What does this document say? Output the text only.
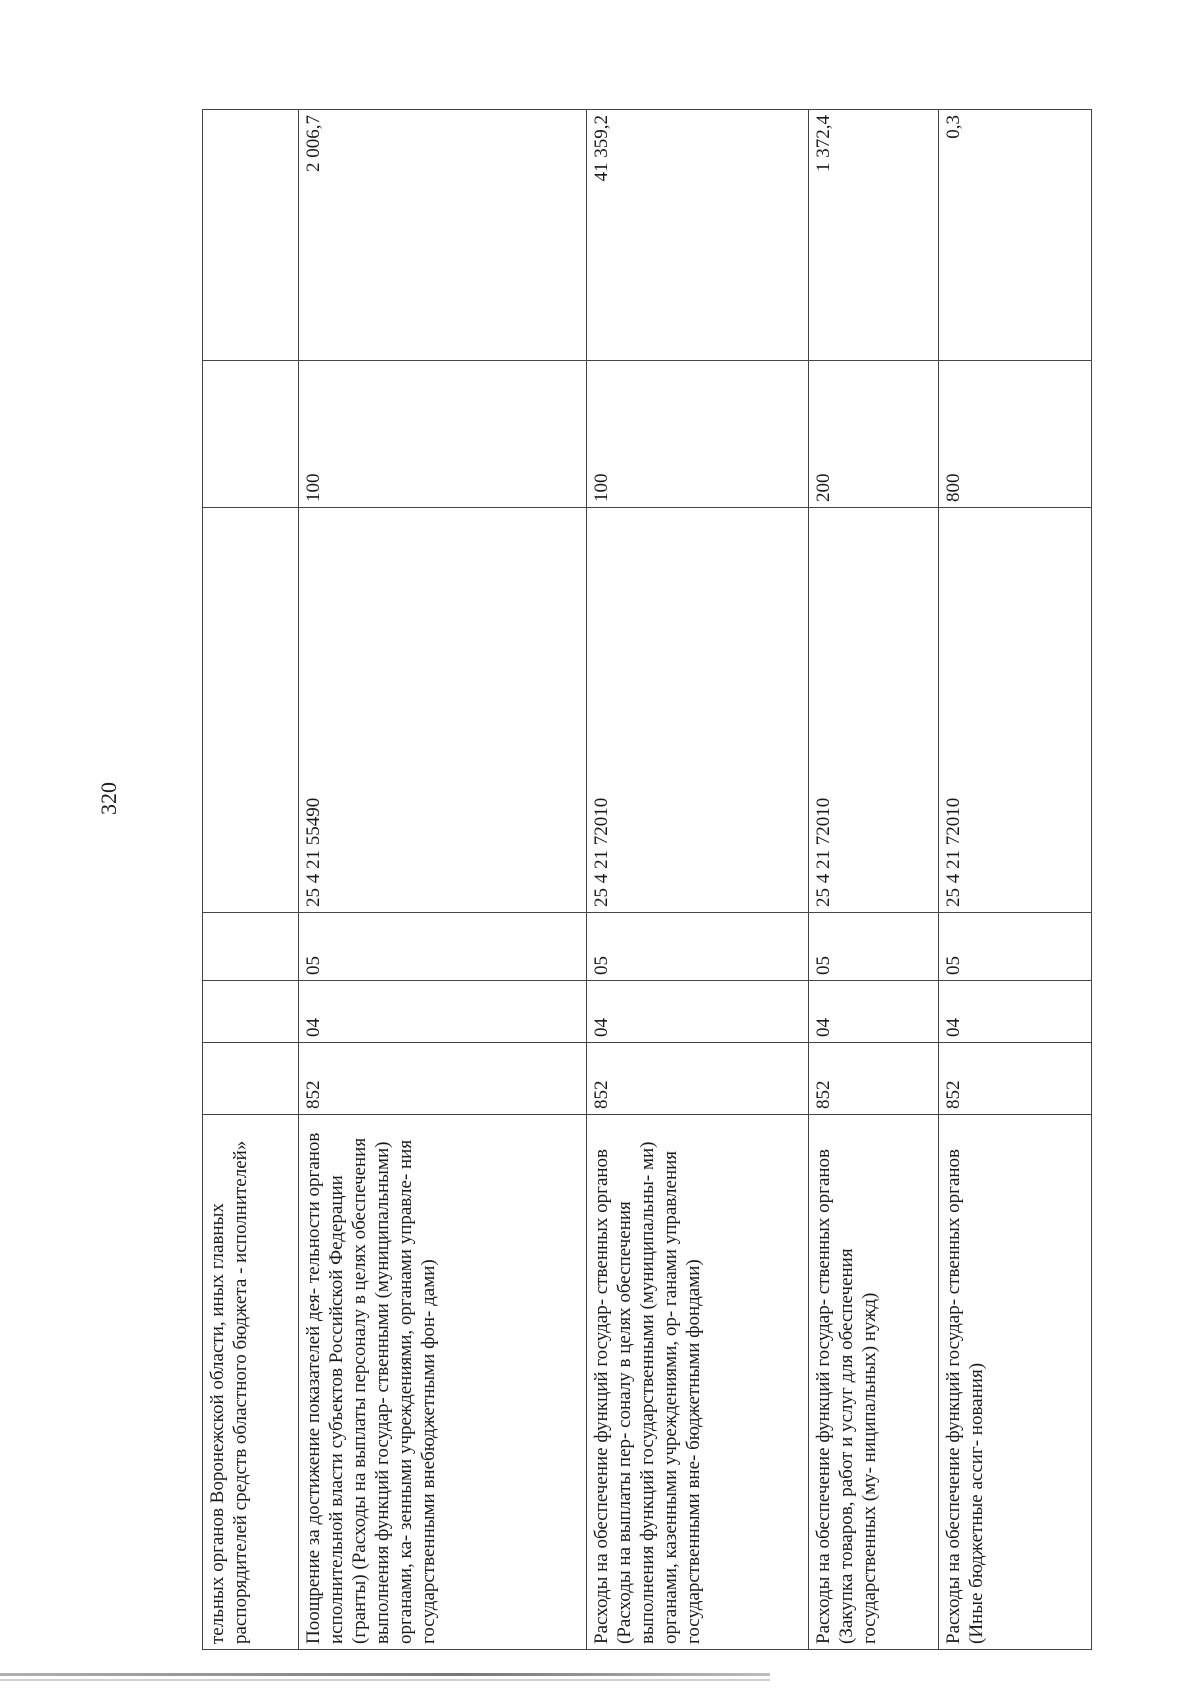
320
тельных органов Воронежской области, иных главных распорядителей средств областного бюджета - исполнителей»						
Поощрение за достижение показателей дея- тельности органов исполнительной власти субъектов Российской Федерации (гранты) (Расходы на выплаты персоналу в целях обеспечения выполнения функций государ- ственными (муниципальными) органами, ка- зенными учреждениями, органами управле- ния государственными внебюджетными фон- дами)	852	04	05	25 4 21 55490	100	2 006,7
Расходы на обеспечение функций государ- ственных органов (Расходы на выплаты пер- соналу в целях обеспечения выполнения функций государственными (муниципальны- ми) органами, казенными учреждениями, ор- ганами управления государственными вне- бюджетными фондами)	852	04	05	25 4 21 72010	100	41 359,2
Расходы на обеспечение функций государ- ственных органов (Закупка товаров, работ и услуг для обеспечения государственных (му- ниципальных) нужд)	852	04	05	25 4 21 72010	200	1 372,4
Расходы на обеспечение функций государ- ственных органов (Иные бюджетные ассиг- нования)	852	04	05	25 4 21 72010	800	0,3
